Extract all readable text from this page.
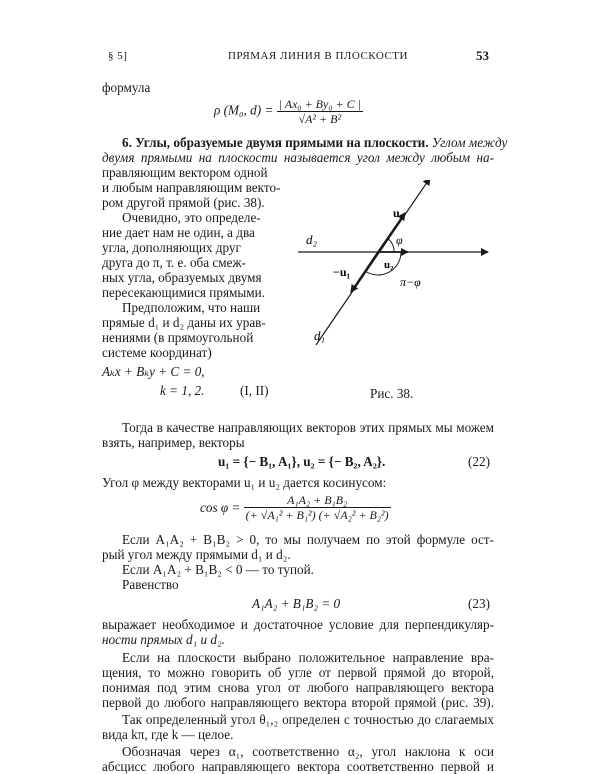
§ 5]	ПРЯМАЯ ЛИНИЯ В ПЛОСКОСТИ	53
формула
ρ (M₀, $d) = \frac{\text{| Ax₀ + By₀ + C |}}{\text{√A² + B²}}$
6. Углы, образуемые двумя прямыми на плоскости. Углом между
двумя прямыми на плоскости называется угол между любым на-
правляющим вектором одной
и любым направляющим векто-
ром другой прямой (рис. 38).
Очевидно, это определе-
ние дает нам не один, а два
угла, дополняющих друг
друга до π, т. е. оба смеж-
ных угла, образуемых двумя
пересекающимися прямыми.
Предположим, что наши
прямые d₁ и d₂ даны их урав-
нениями (в прямоугольной
системе координат)
Aₖx + Bₖy + C = 0,
k = 1, 2.	(I, II)
d₂
d₁
u₁
u₂
−u₁
φ
π−φ
Рис. 38.
Тогда в качестве направляющих векторов этих прямых мы можем
взять, например, векторы
u₁ = {− B₁, A₁}, u₂ = {− B₂, A₂}.	(22)
Угол φ между векторами u₁ и u₂ дается косинусом:
$\cos \varphi = \frac{\text{A₁A₂ + B₁B₂}}{\text{(+ √A₁² + B₁²) (+ √A₂² + B₂²)}}$
Если A₁A₂ + B₁B₂ > 0, то мы получаем по этой формуле ост-
рый угол между прямыми d₁ и d₂.
Если A₁A₂ + B₁B₂ < 0 — то тупой.
Равенство
A₁A₂ + B₁B₂ = 0	(23)
выражает необходимое и достаточное условие для перпендикуляр-
ности прямых d₁ и d₂.
Если на плоскости выбрано положительное направление вра-
щения, то можно говорить об угле от первой прямой до второй,
понимая под этим снова угол от любого направляющего вектора
первой до любого направляющего вектора второй прямой (рис. 39).
Так определенный угол θ₁,₂ определен с точностью до слагаемых
вида kπ, где k — целое.
Обозначая через α₁, соответственно α₂, угол наклона к оси
абсцисс любого направляющего вектора соответственно первой и
